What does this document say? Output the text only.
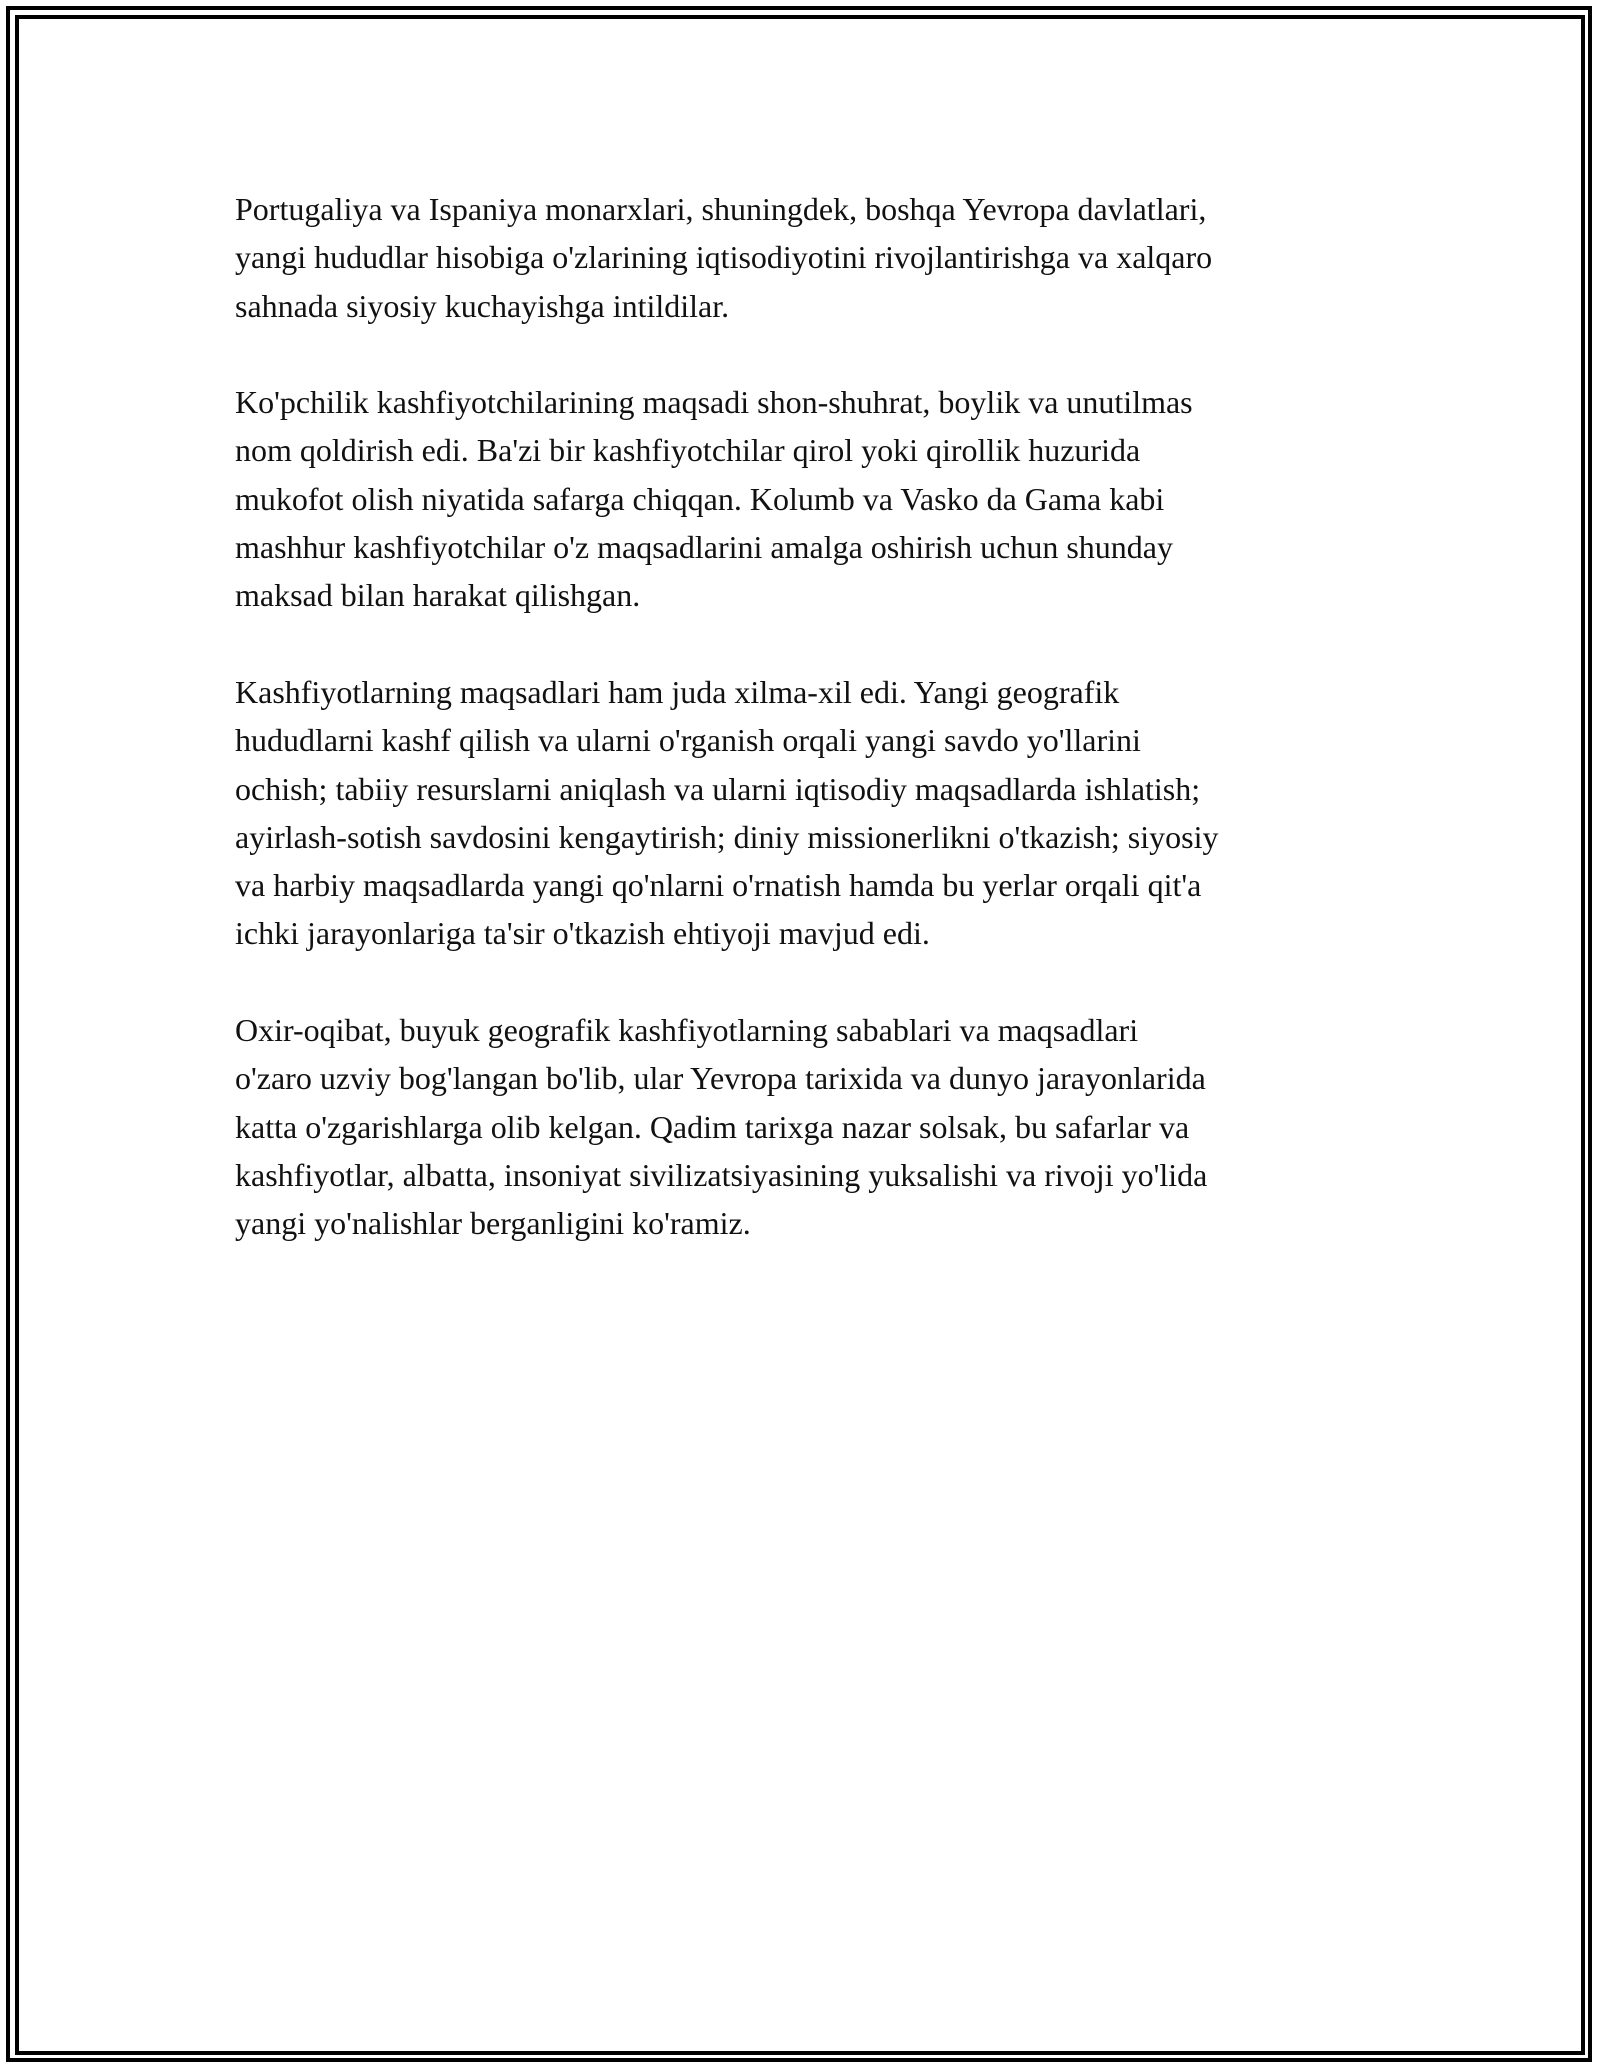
Portugaliya va Ispaniya monarxlari, shuningdek, boshqa Yevropa davlatlari,
yangi hududlar hisobiga o'zlarining iqtisodiyotini rivojlantirishga va xalqaro
sahnada siyosiy kuchayishga intildilar.

Ko'pchilik kashfiyotchilarining maqsadi shon-shuhrat, boylik va unutilmas
nom qoldirish edi. Ba'zi bir kashfiyotchilar qirol yoki qirollik huzurida
mukofot olish niyatida safarga chiqqan. Kolumb va Vasko da Gama kabi
mashhur kashfiyotchilar o'z maqsadlarini amalga oshirish uchun shunday
maksad bilan harakat qilishgan.

Kashfiyotlarning maqsadlari ham juda xilma-xil edi. Yangi geografik
hududlarni kashf qilish va ularni o'rganish orqali yangi savdo yo'llarini
ochish; tabiiy resurslarni aniqlash va ularni iqtisodiy maqsadlarda ishlatish;
ayirlash-sotish savdosini kengaytirish; diniy missionerlikni o'tkazish; siyosiy
va harbiy maqsadlarda yangi qo'nlarni o'rnatish hamda bu yerlar orqali qit'a
ichki jarayonlariga ta'sir o'tkazish ehtiyoji mavjud edi.

Oxir-oqibat, buyuk geografik kashfiyotlarning sabablari va maqsadlari
o'zaro uzviy bog'langan bo'lib, ular Yevropa tarixida va dunyo jarayonlarida
katta o'zgarishlarga olib kelgan. Qadim tarixga nazar solsak, bu safarlar va
kashfiyotlar, albatta, insoniyat sivilizatsiyasining yuksalishi va rivoji yo'lida
yangi yo'nalishlar berganligini ko'ramiz.
